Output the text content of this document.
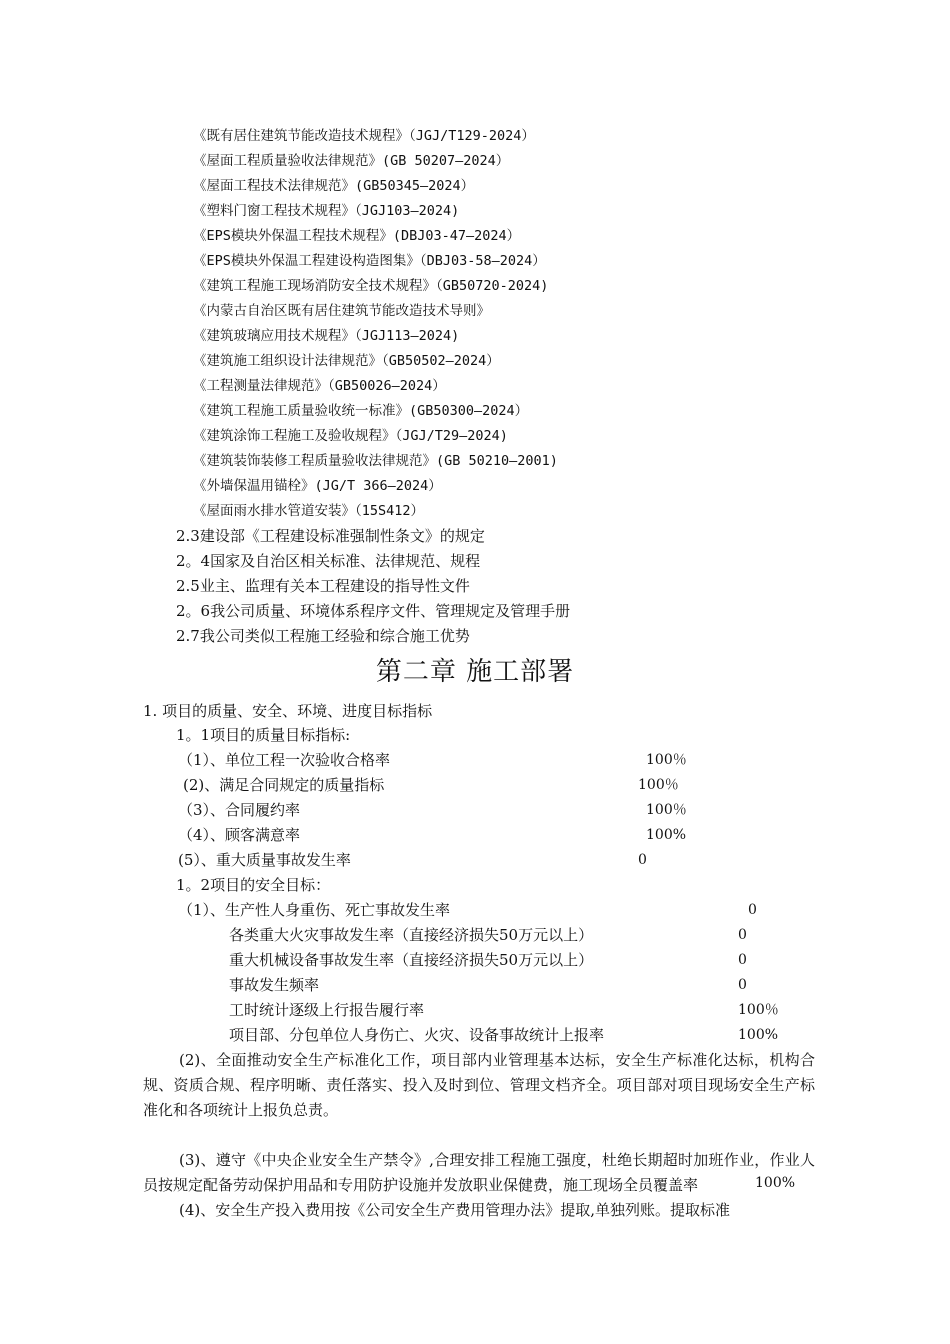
《既有居住建筑节能改造技术规程》（JGJ/T129-2024）
《屋面工程质量验收法律规范》(GB 50207—2024）
《屋面工程技术法律规范》(GB50345—2024）
《塑料门窗工程技术规程》（JGJ103—2024)
《EPS模块外保温工程技术规程》(DBJ03-47—2024）
《EPS模块外保温工程建设构造图集》（DBJ03-58—2024）
《建筑工程施工现场消防安全技术规程》（GB50720-2024)
《内蒙古自治区既有居住建筑节能改造技术导则》
《建筑玻璃应用技术规程》（JGJ113—2024)
《建筑施工组织设计法律规范》（GB50502—2024）
《工程测量法律规范》（GB50026—2024）
《建筑工程施工质量验收统一标准》(GB50300—2024）
《建筑涂饰工程施工及验收规程》（JGJ/T29—2024)
《建筑装饰装修工程质量验收法律规范》(GB 50210—2001)
《外墙保温用锚栓》(JG/T 366—2024）
《屋面雨水排水管道安装》（15S412）
2.3建设部《工程建设标准强制性条文》的规定
2。4国家及自治区相关标准、法律规范、规程
2.5业主、监理有关本工程建设的指导性文件
2。6我公司质量、环境体系程序文件、管理规定及管理手册
2.7我公司类似工程施工经验和综合施工优势
第二章 施工部署
1. 项目的质量、安全、环境、进度目标指标
1。1项目的质量目标指标:
（1）、单位工程一次验收合格率	100％
(2)、满足合同规定的质量指标	100％
（3）、合同履约率	100％
（4）、顾客满意率	100%
(5）、重大质量事故发生率	0
1。2项目的安全目标：
（1）、生产性人身重伤、死亡事故发生率	0
各类重大火灾事故发生率（直接经济损失50万元以上）	0
重大机械设备事故发生率（直接经济损失50万元以上）	0
事故发生频率	0
工时统计逐级上行报告履行率	100％
项目部、分包单位人身伤亡、火灾、设备事故统计上报率	100%

(2)、全面推动安全生产标准化工作，项目部内业管理基本达标，安全生产标准化达标，机构合规、资质合规、程序明晰、责任落实、投入及时到位、管理文档齐全。项目部对项目现场安全生产标准化和各项统计上报负总责。

(3)、遵守《中央企业安全生产禁令》,合理安排工程施工强度，杜绝长期超时加班作业，作业人员按规定配备劳动保护用品和专用防护设施并发放职业保健费，施工现场全员覆盖率	100%

(4)、安全生产投入费用按《公司安全生产费用管理办法》提取,单独列账。提取标准
